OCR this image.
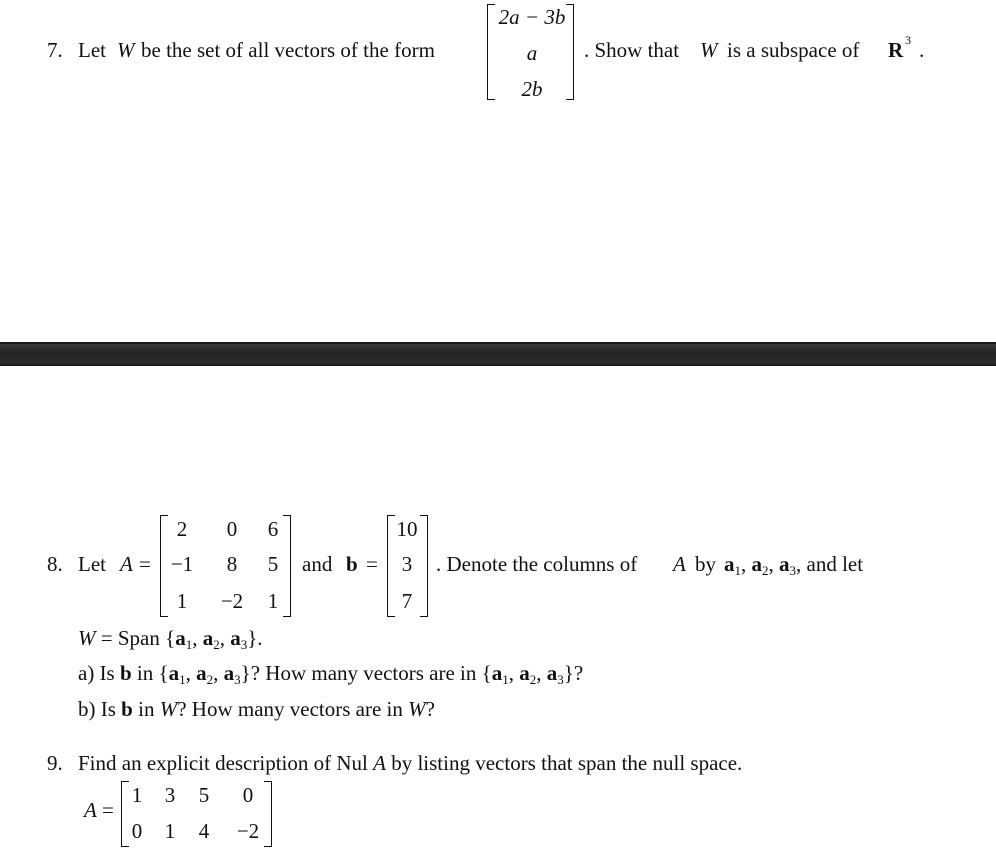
7. Let W be the set of all vectors of the form
2a − 3b
a
2b
. Show that W is a subspace of R 3 .
8. Let A =
2	0	6
−1	8	5
1	−2	1
and b =
10
3
7
. Denote the columns of A by $a_1$, $a_2$, $a_3$, and let
W = Span {$a_1$, $a_2$, $a_3$}.
a) Is b in {$a_1$, $a_2$, $a_3$}? How many vectors are in {$a_1$, $a_2$, $a_3$}?
b) Is b in W? How many vectors are in W?
9. Find an explicit description of Nul A by listing vectors that span the null space.
A =
1 3 5	0
0 1 4 −2
